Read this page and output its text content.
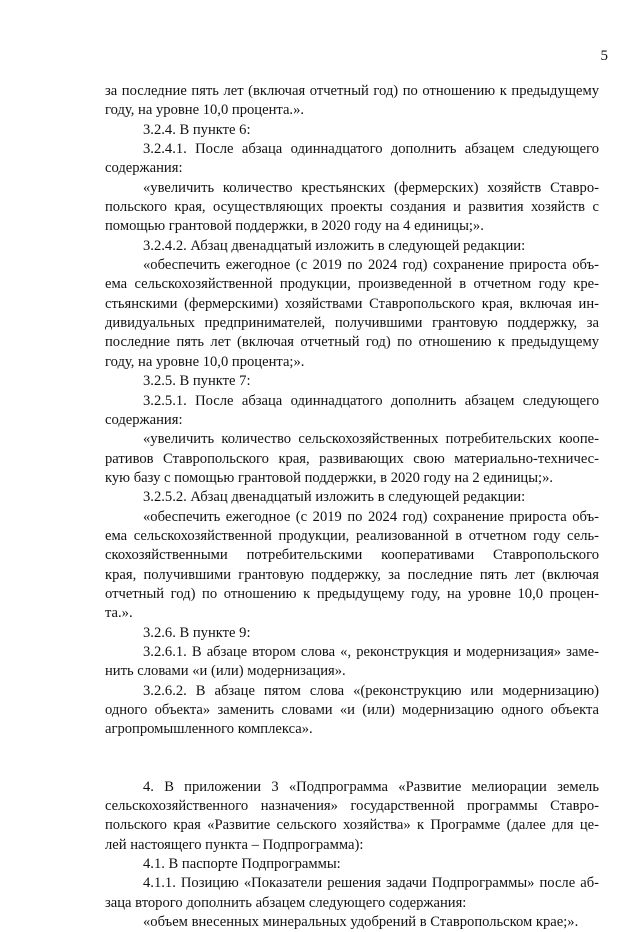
5

за последние пять лет (включая отчетный год) по отношению к предыдущему
году, на уровне 10,0 процента.».

3.2.4. В пункте 6:

3.2.4.1. После абзаца одиннадцатого дополнить абзацем следующего
содержания:

«увеличить количество крестьянских (фермерских) хозяйств Ставро-
польского края, осуществляющих проекты создания и развития хозяйств с
помощью грантовой поддержки, в 2020 году на 4 единицы;».

3.2.4.2. Абзац двенадцатый изложить в следующей редакции:

«обеспечить ежегодное (с 2019 по 2024 год) сохранение прироста объ-
ема сельскохозяйственной продукции, произведенной в отчетном году кре-
стьянскими (фермерскими) хозяйствами Ставропольского края, включая ин-
дивидуальных предпринимателей, получившими грантовую поддержку, за
последние пять лет (включая отчетный год) по отношению к предыдущему
году, на уровне 10,0 процента;».

3.2.5. В пункте 7:

3.2.5.1. После абзаца одиннадцатого дополнить абзацем следующего
содержания:

«увеличить количество сельскохозяйственных потребительских коопе-
ративов Ставропольского края, развивающих свою материально-техничес-
кую базу с помощью грантовой поддержки, в 2020 году на 2 единицы;».

3.2.5.2. Абзац двенадцатый изложить в следующей редакции:

«обеспечить ежегодное (с 2019 по 2024 год) сохранение прироста объ-
ема сельскохозяйственной продукции, реализованной в отчетном году сель-
скохозяйственными потребительскими кооперативами Ставропольского
края, получившими грантовую поддержку, за последние пять лет (включая
отчетный год) по отношению к предыдущему году, на уровне 10,0 процен-
та.».

3.2.6. В пункте 9:

3.2.6.1. В абзаце втором слова «, реконструкция и модернизация» заме-
нить словами «и (или) модернизация».

3.2.6.2. В абзаце пятом слова «(реконструкцию или модернизацию)
одного объекта» заменить словами «и (или) модернизацию одного объекта
агропромышленного комплекса».

4. В приложении 3 «Подпрограмма «Развитие мелиорации земель
сельскохозяйственного назначения» государственной программы Ставро-
польского края «Развитие сельского хозяйства» к Программе (далее для це-
лей настоящего пункта – Подпрограмма):

4.1. В паспорте Подпрограммы:

4.1.1. Позицию «Показатели решения задачи Подпрограммы» после аб-
заца второго дополнить абзацем следующего содержания:

«объем внесенных минеральных удобрений в Ставропольском крае;».
